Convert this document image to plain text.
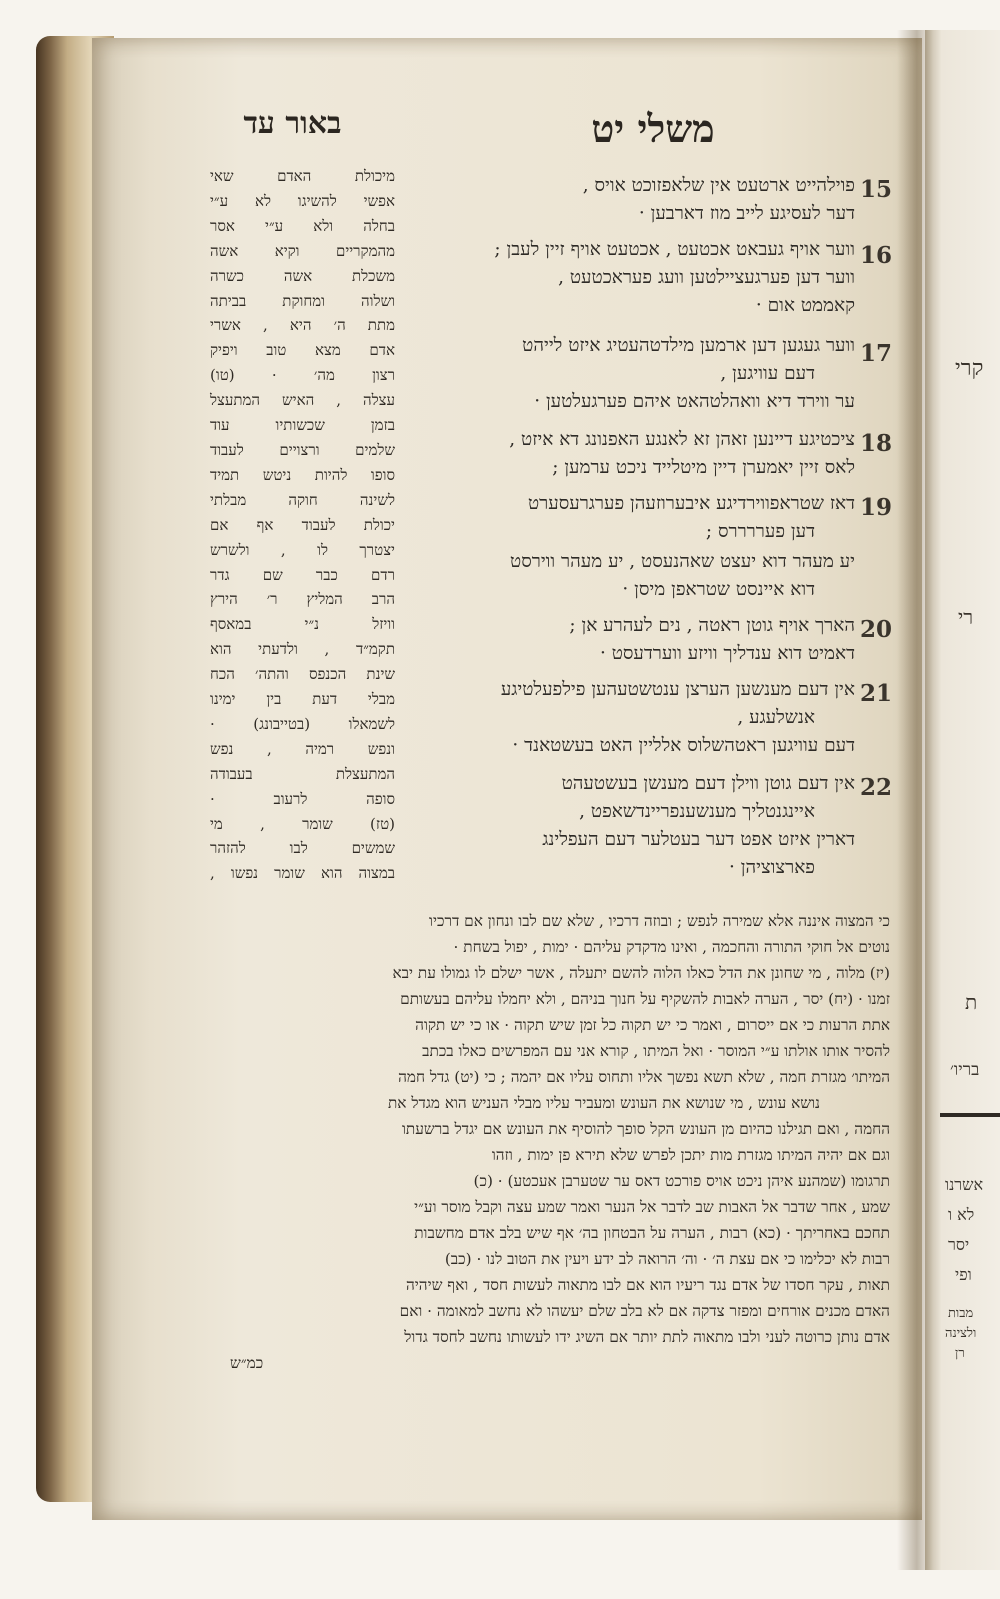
באור עד	משלי יט
15
פוילהייט ארטעט אין שלאפזוכט אויס ,
דער לעסיגע לייב מוז דארבען ·
16
ווער אויף געבאט אכטעט , אכטעט אויף זיין לעבן ;
ווער דען פערגעציילטען וועג פעראכטעט ,
קאממט אום ·
17
ווער געגען דען ארמען מילדטהעטיג איזט לייהט
דעם עוויגען ,
ער ווירד דיא וואהלטהאט איהם פערגעלטען ·
18
ציכטיגע דיינען זאהן זא לאנגע האפנונג דא איזט ,
לאס זיין יאמערן דיין מיטלייד ניכט ערמען ;
19
דאז שטראפווירדיגע איבערוזעהן פערגרעסערט
דען פעררררס ;
יע מעהר דוא יעצט שאהנעסט , יע מעהר ווירסט
דוא איינסט שטראפן מיסן ·
20
הארך אויף גוטן ראטה , נים לעהרע אן ;
דאמיט דוא ענדליך וויזע ווערדעסט ·
21
אין דעם מענשען הערצן ענטשטעהען פילפעלטיגע
אנשלעגע ,
דעם עוויגען ראטהשלוס אלליין האט בעשטאנד ·
22
אין דעם גוטן ווילן דעם מענשן בעשטעהט
איינגנטליך מענשענפריינדשאפט ,
דארין איזט אפט דער בעטלער דעם העפלינג
פארצוציהן ·
מיכולת האדם שאי
אפשי להשיגו לא ע״י
בחלה ולא ע״י אסר
מהמקריים וקיא אשה
משכלת אשה כשרה
ושלוה ומחוקת בביתה
מתת ה׳ היא , אשרי
אדם מצא טוב ויפיק
רצון מה׳ · (טו)
עצלה , האיש המתעצל
בזמן שכשותיו עוד
שלמים ורצויים לעבוד
סופו להיות ניטש תמיד
לשינה חוקה מבלתי
יכולת לעבוד אף אם
יצטרך לו , ולשרש
רדם כבר שם גדר
הרב המליץ ר׳ הירץ
וויזל נ״י במאסף
תקמ״ד , ולדעתי הוא
שינת הכנפס והתה׳ הכח
מבלי דעת בין ימינו
לשמאלו (בטייבונג) ·
ונפש רמיה , נפש
המתעצלת בעבודה
סופה לרעוב ·
(טז) שומר , מי
שמשים לבו להזהר
במצוה הוא שומר נפשו ,
כי המצוה איננה אלא שמירה לנפש ; ובוזה דרכיו , שלא שם לבו ונחון אם דרכיו
נוטים אל חוקי התורה והחכמה , ואינו מדקדק עליהם · ימות , יפול בשחת ·
(יז) מלוה , מי שחונן את הדל כאלו הלוה להשם יתעלה , אשר ישלם לו גמולו עת יבא
זמנו · (יח) יסר , הערה לאבות להשקיף על חנוך בניהם , ולא יחמלו עליהם בעשותם
אתת הרעות כי אם ייסרום , ואמר כי יש תקוה כל זמן שיש תקוה · או כי יש תקוה
להסיר אותו אולתו ע״י המוסר · ואל המיתו , קורא אני עם המפרשים כאלו בכתב
המיתו׳ מגזרת חמה , שלא תשא נפשך אליו ותחוס עליו אם יהמה ; כי (יט) גדל חמה
נושא עונש , מי שנושא את העונש ומעביר עליו מבלי העניש הוא מגדל את
החמה , ואם תגילנו כהיום מן העונש הקל סופך להוסיף את העונש אם יגדל ברשעתו
וגם אם יהיה המיתו מגזרת מות יתכן לפרש שלא תירא פן ימות , וזהו
תרגומו (שמהנע איהן ניכט אויס פורכט דאס ער שטערבן אעכטע) · (כ)
שמע , אחר שדבר אל האבות שב לדבר אל הנער ואמר שמע עצה וקבל מוסר וע״י
תחכם באחריתך · (כא) רבות , הערה על הבטחון בה׳ אף שיש בלב אדם מחשבות
רבות לא יכלימו כי אם עצת ה׳ · וה׳ הרואה לב ידע ויעין את הטוב לנו · (כב)
תאות , עקר חסדו של אדם נגד ריעיו הוא אם לבו מתאוה לעשות חסד , ואף שיהיה
האדם מכנים אורחים ומפזר צדקה אם לא בלב שלם יעשהו לא נחשב למאומה · ואם
אדם נותן כרוטה לעני ולבו מתאוה לתת יותר אם השיג ידו לעשותו נחשב לחסד גדול
כמ״ש
קרי
רי
ת
בריו׳
אשרנו
לא ו
יסר
ופי
מבות
ולצינה
רן
